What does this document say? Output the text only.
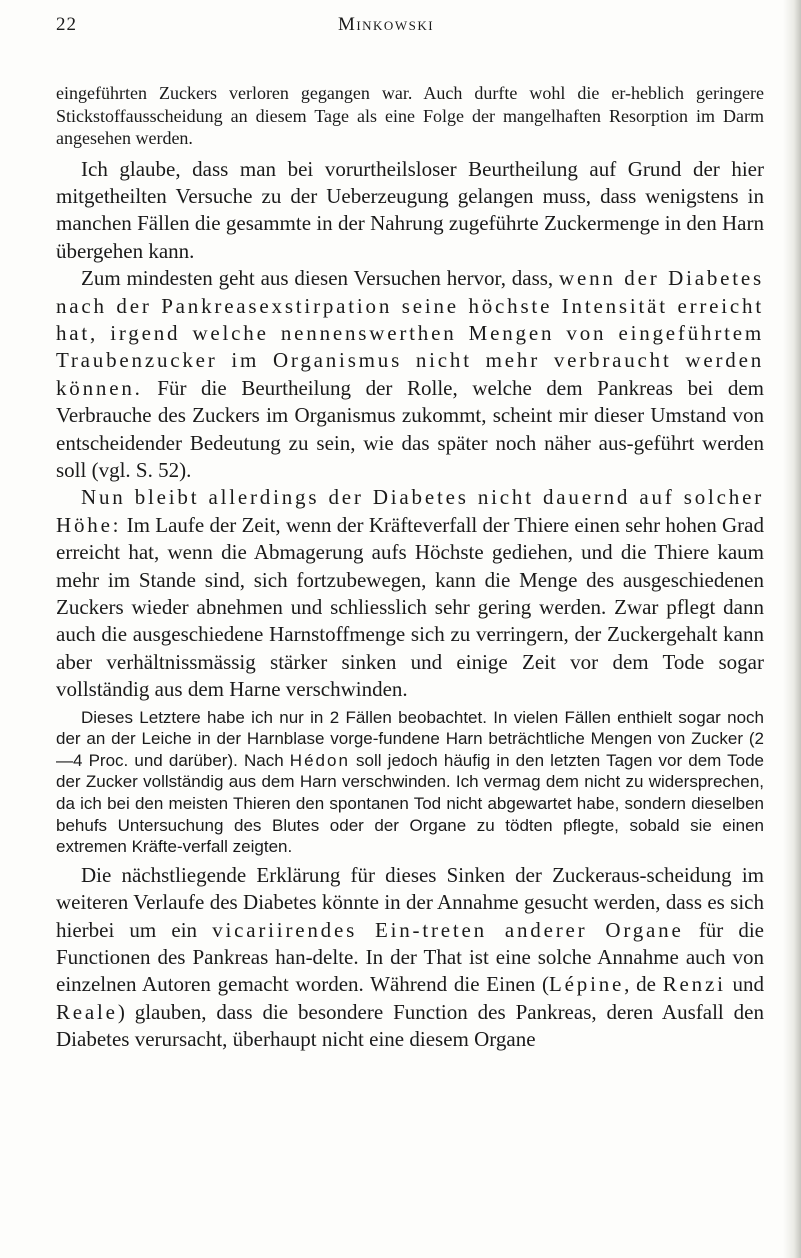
22	Minkowski

eingeführten Zuckers verloren gegangen war. Auch durfte wohl die er-heblich geringere Stickstoffausscheidung an diesem Tage als eine Folge der mangelhaften Resorption im Darm angesehen werden.

Ich glaube, dass man bei vorurtheilsloser Beurtheilung auf Grund der hier mitgetheilten Versuche zu der Ueberzeugung gelangen muss, dass wenigstens in manchen Fällen die gesammte in der Nahrung zugeführte Zuckermenge in den Harn übergehen kann.

Zum mindesten geht aus diesen Versuchen hervor, dass, wenn der Diabetes nach der Pankreasexstirpation seine höchste Intensität erreicht hat, irgend welche nennenswerthen Mengen von eingeführtem Traubenzucker im Organismus nicht mehr verbraucht werden können. Für die Beurtheilung der Rolle, welche dem Pankreas bei dem Verbrauche des Zuckers im Organismus zukommt, scheint mir dieser Umstand von entscheidender Bedeutung zu sein, wie das später noch näher aus-geführt werden soll (vgl. S. 52).

Nun bleibt allerdings der Diabetes nicht dauernd auf solcher Höhe: Im Laufe der Zeit, wenn der Kräfteverfall der Thiere einen sehr hohen Grad erreicht hat, wenn die Abmagerung aufs Höchste gediehen, und die Thiere kaum mehr im Stande sind, sich fortzubewegen, kann die Menge des ausgeschiedenen Zuckers wieder abnehmen und schliesslich sehr gering werden. Zwar pflegt dann auch die ausgeschiedene Harnstoffmenge sich zu verringern, der Zuckergehalt kann aber verhältnissmässig stärker sinken und einige Zeit vor dem Tode sogar vollständig aus dem Harne verschwinden.

Dieses Letztere habe ich nur in 2 Fällen beobachtet. In vielen Fällen enthielt sogar noch der an der Leiche in der Harnblase vorge-fundene Harn beträchtliche Mengen von Zucker (2—4 Proc. und darüber). Nach Hédon soll jedoch häufig in den letzten Tagen vor dem Tode der Zucker vollständig aus dem Harn verschwinden. Ich vermag dem nicht zu widersprechen, da ich bei den meisten Thieren den spontanen Tod nicht abgewartet habe, sondern dieselben behufs Untersuchung des Blutes oder der Organe zu tödten pflegte, sobald sie einen extremen Kräfte-verfall zeigten.

Die nächstliegende Erklärung für dieses Sinken der Zuckeraus-scheidung im weiteren Verlaufe des Diabetes könnte in der Annahme gesucht werden, dass es sich hierbei um ein vicariirendes Ein-treten anderer Organe für die Functionen des Pankreas han-delte. In der That ist eine solche Annahme auch von einzelnen Autoren gemacht worden. Während die Einen (Lépine, de Renzi und Reale) glauben, dass die besondere Function des Pankreas, deren Ausfall den Diabetes verursacht, überhaupt nicht eine diesem Organe
